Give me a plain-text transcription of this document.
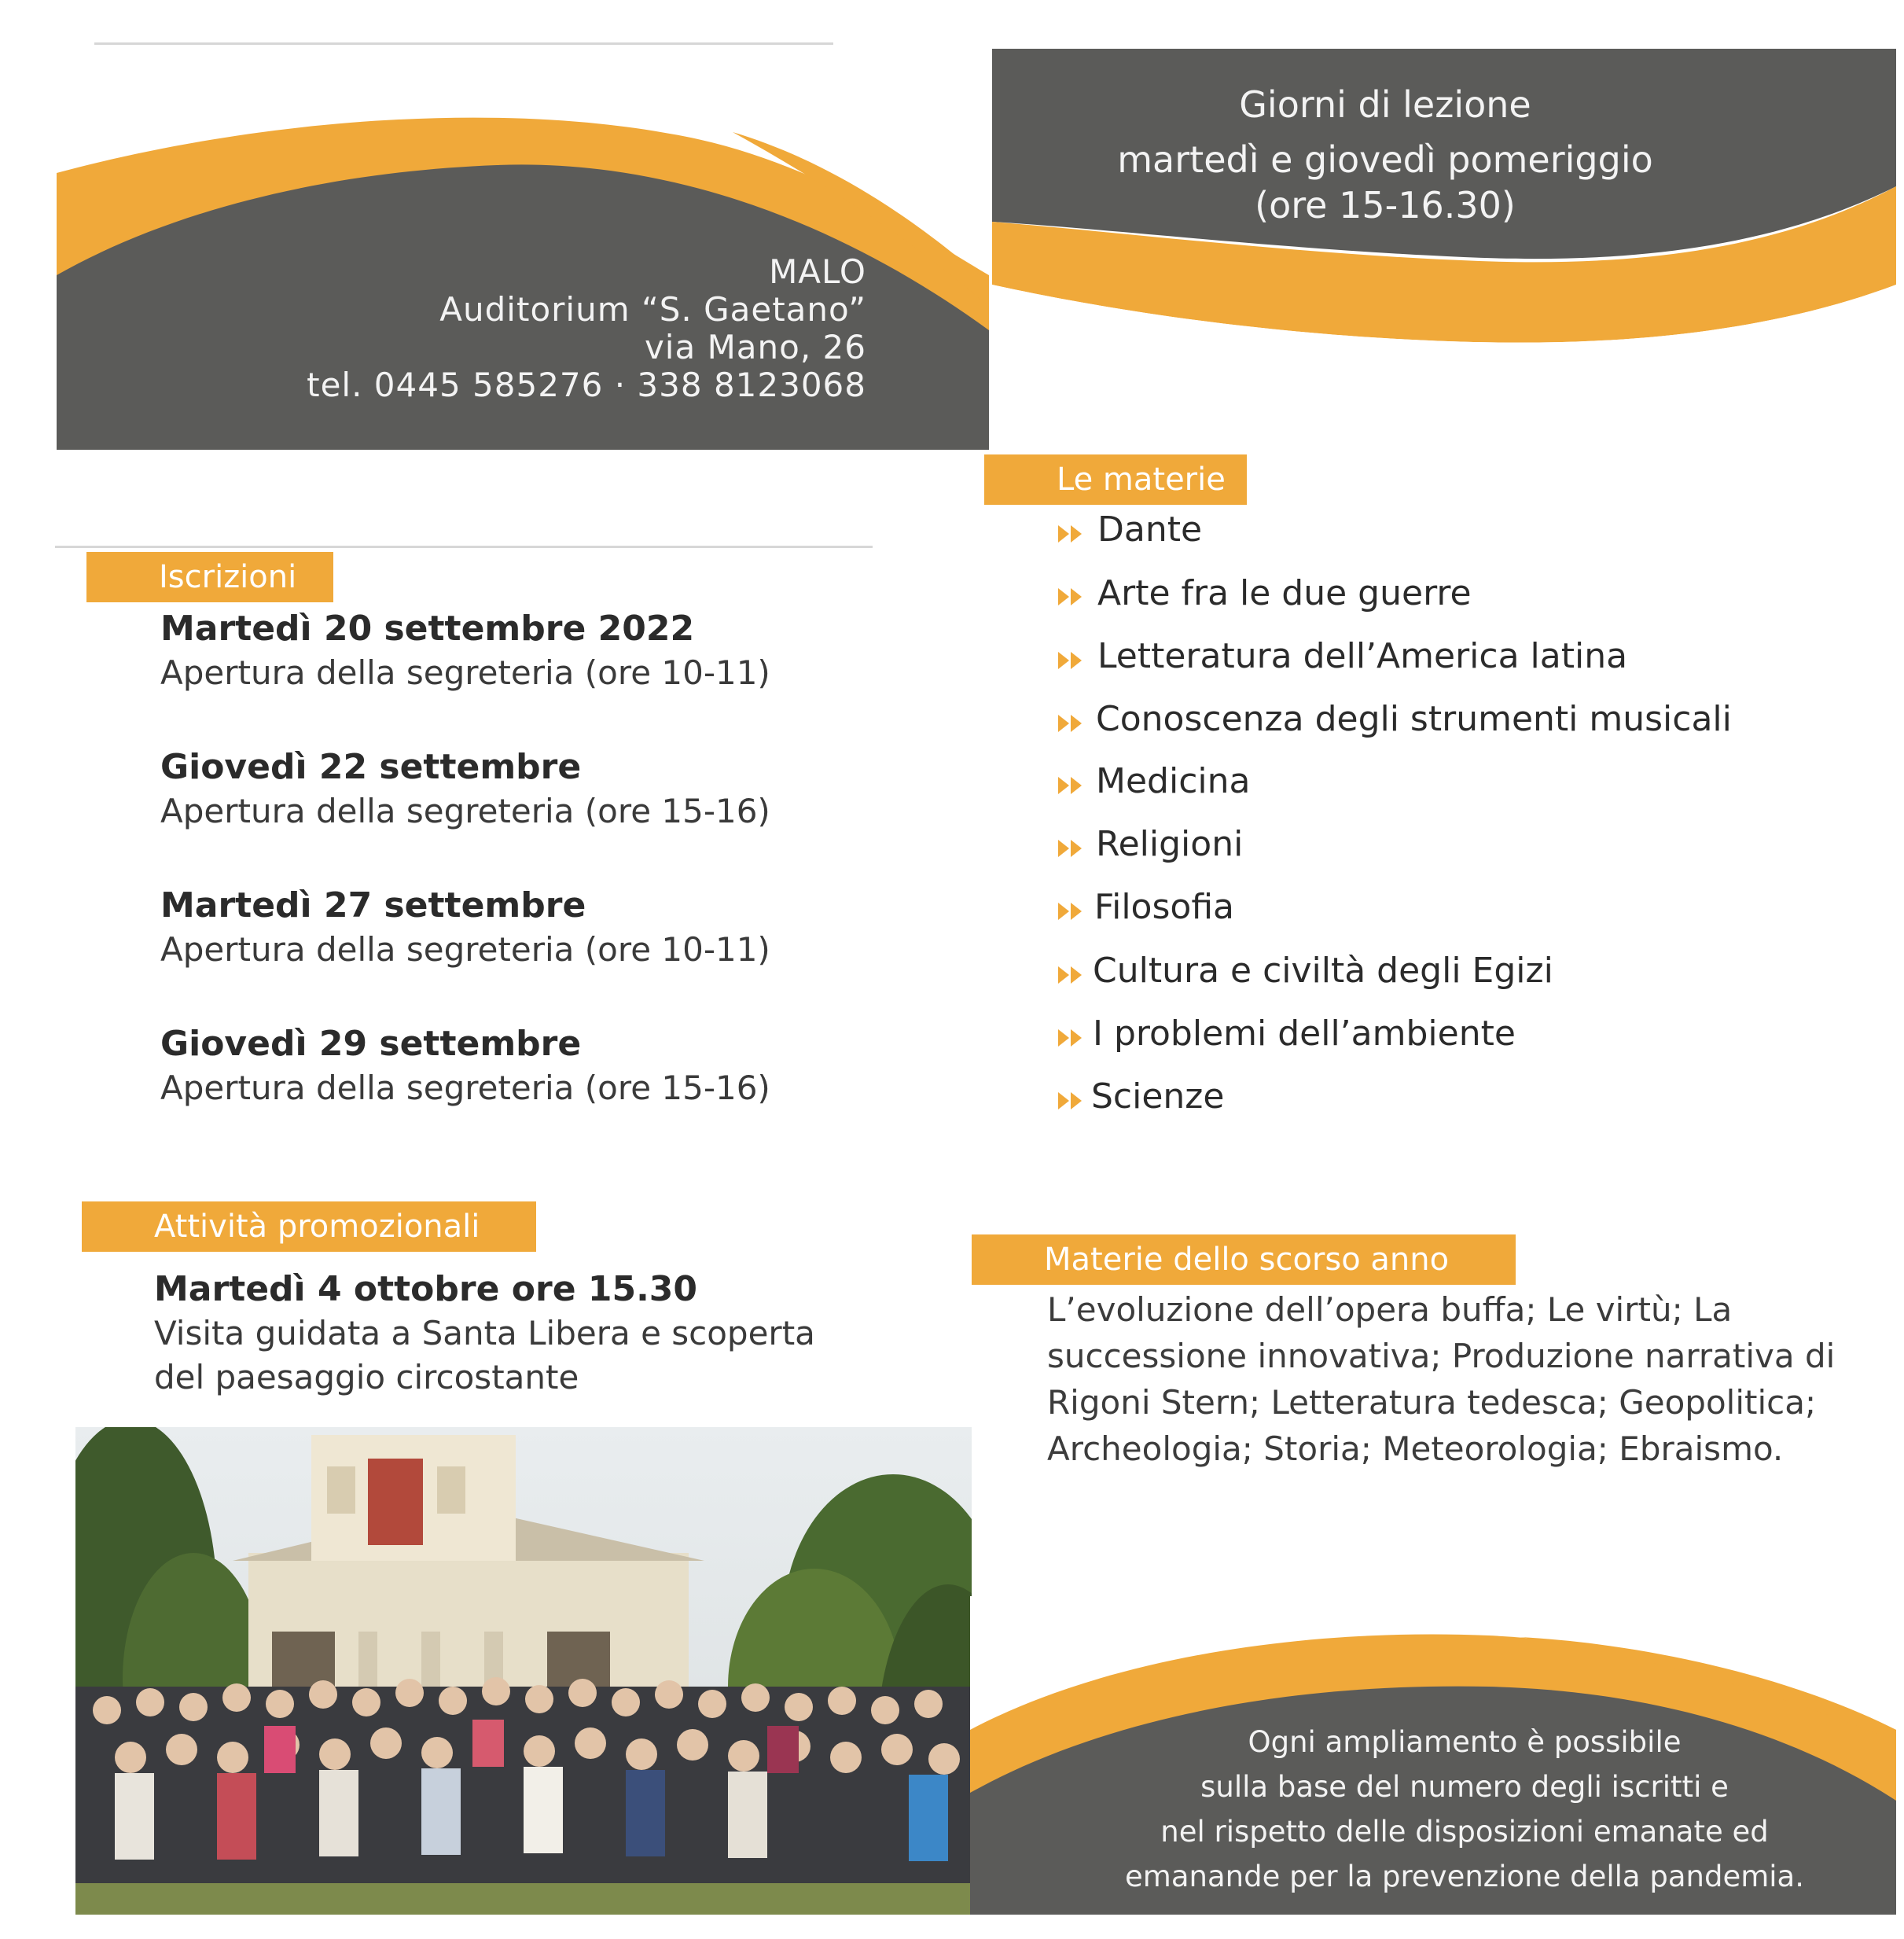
MALO
Auditorium “S. Gaetano”
via Mano, 26
tel. 0445 585276 · 338 8123068
Giorni di lezione
martedì e giovedì pomeriggio
(ore 15-16.30)
Iscrizioni
Martedì 20 settembre 2022
Apertura della segreteria (ore 10-11)
Giovedì 22 settembre
Apertura della segreteria (ore 15-16)
Martedì 27 settembre
Apertura della segreteria (ore 10-11)
Giovedì 29 settembre
Apertura della segreteria (ore 15-16)
Attività promozionali
Martedì 4 ottobre ore 15.30
Visita guidata a Santa Libera e scoperta
del paesaggio circostante
Le materie
Dante
Arte fra le due guerre
Letteratura dell’America latina
Conoscenza degli strumenti musicali
Medicina
Religioni
Filosofia
Cultura e civiltà degli Egizi
I problemi dell’ambiente
Scienze
Materie dello scorso anno
L’evoluzione dell’opera buffa; Le virtù; La successione innovativa; Produzione narrativa di Rigoni Stern; Letteratura tedesca; Geopolitica; Archeologia; Storia; Meteorologia; Ebraismo.
Ogni ampliamento è possibile
sulla base del numero degli iscritti e
nel rispetto delle disposizioni emanate ed
emanande per la prevenzione della pandemia.
